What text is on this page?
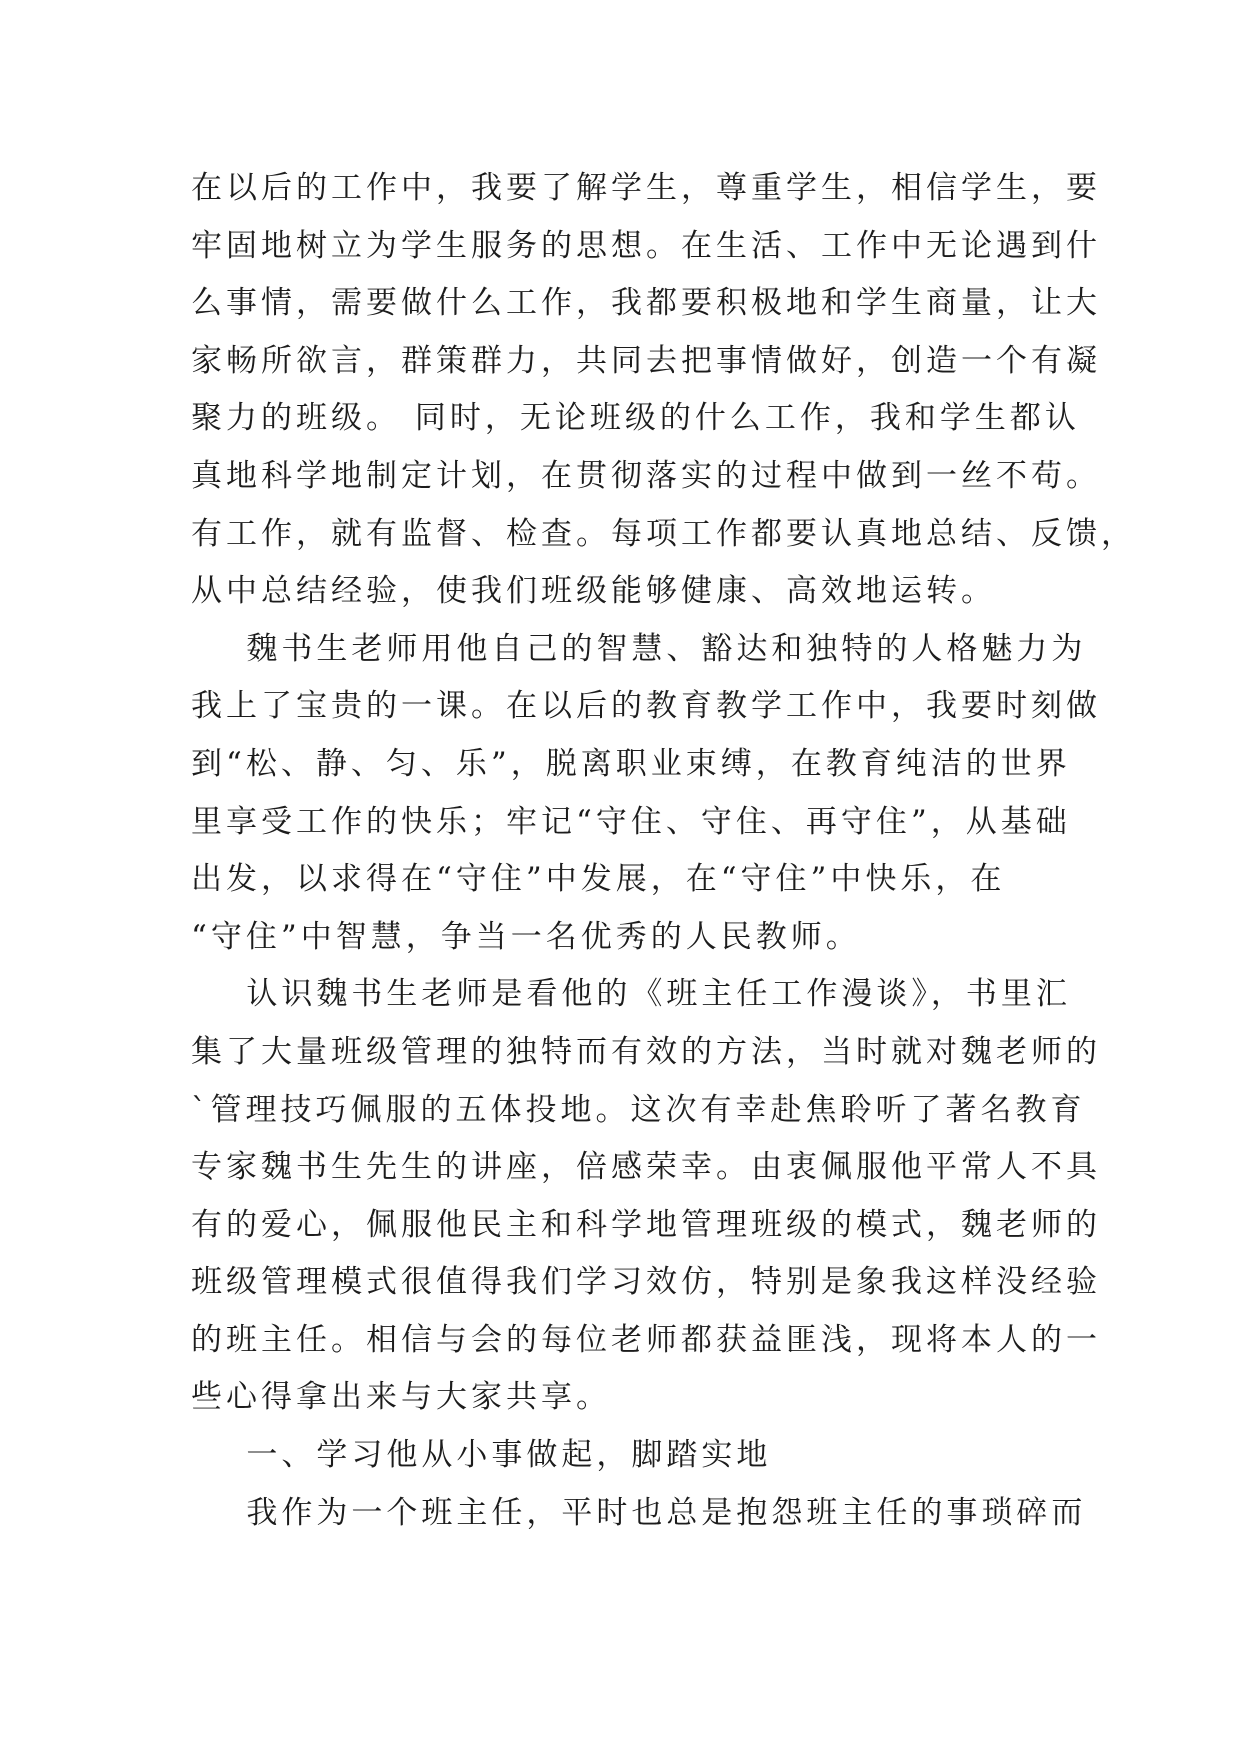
在以后的工作中，我要了解学生，尊重学生，相信学生，要
牢固地树立为学生服务的思想。在生活、工作中无论遇到什
么事情，需要做什么工作，我都要积极地和学生商量，让大
家畅所欲言，群策群力，共同去把事情做好，创造一个有凝
聚力的班级。 同时，无论班级的什么工作，我和学生都认
真地科学地制定计划，在贯彻落实的过程中做到一丝不苟。
有工作，就有监督、检查。每项工作都要认真地总结、反馈，
从中总结经验，使我们班级能够健康、高效地运转。
魏书生老师用他自己的智慧、豁达和独特的人格魅力为
我上了宝贵的一课。在以后的教育教学工作中，我要时刻做
到“松、静、匀、乐”，脱离职业束缚，在教育纯洁的世界
里享受工作的快乐；牢记“守住、守住、再守住”，从基础
出发，以求得在“守住”中发展，在“守住”中快乐，在
“守住”中智慧，争当一名优秀的人民教师。
认识魏书生老师是看他的《班主任工作漫谈》，书里汇
集了大量班级管理的独特而有效的方法，当时就对魏老师的
`管理技巧佩服的五体投地。这次有幸赴焦聆听了著名教育
专家魏书生先生的讲座，倍感荣幸。由衷佩服他平常人不具
有的爱心，佩服他民主和科学地管理班级的模式，魏老师的
班级管理模式很值得我们学习效仿，特别是象我这样没经验
的班主任。相信与会的每位老师都获益匪浅，现将本人的一
些心得拿出来与大家共享。
一、学习他从小事做起，脚踏实地
我作为一个班主任，平时也总是抱怨班主任的事琐碎而
